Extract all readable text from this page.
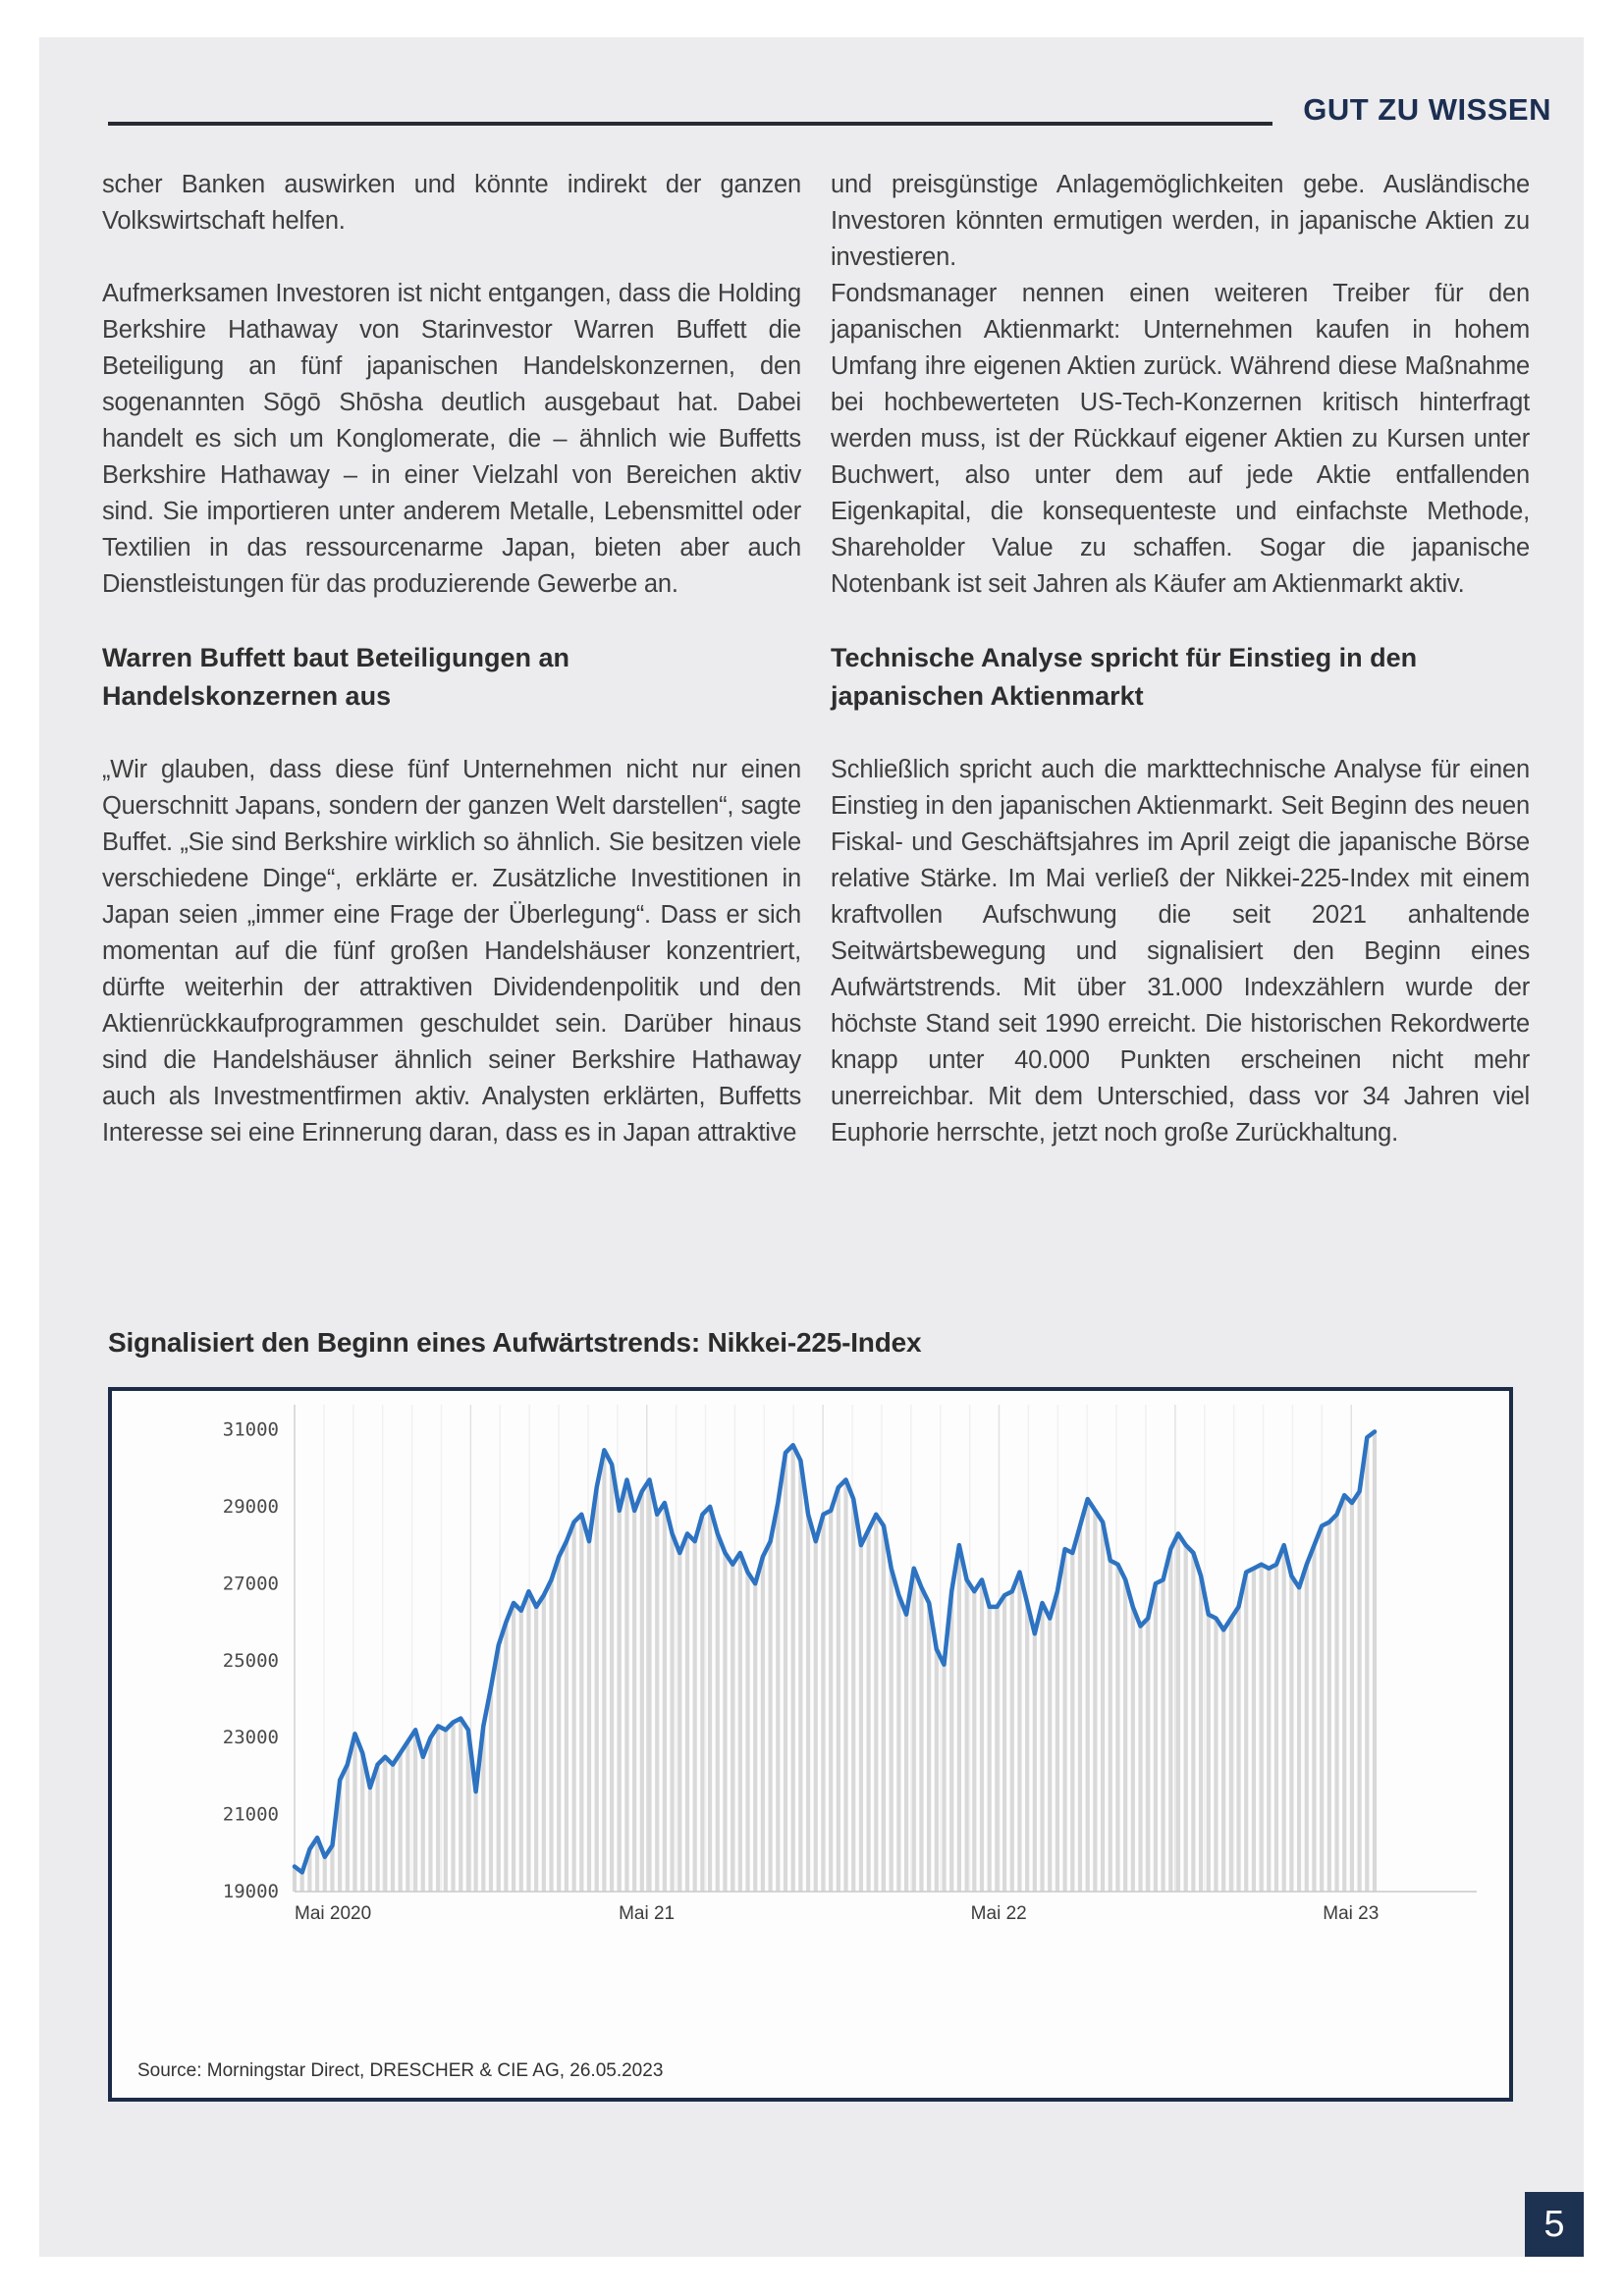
GUT ZU WISSEN
scher Banken auswirken und könnte indirekt der ganzen Volkswirtschaft helfen.
Aufmerksamen Investoren ist nicht entgangen, dass die Holding Berkshire Hathaway von Starinvestor Warren Buffett die Beteiligung an fünf japanischen Handelskonzernen, den sogenannten Sōgō Shōsha deutlich ausgebaut hat. Dabei handelt es sich um Konglomerate, die – ähnlich wie Buffetts Berkshire Hathaway – in einer Vielzahl von Bereichen aktiv sind. Sie importieren unter anderem Metalle, Lebensmittel oder Textilien in das ressourcenarme Japan, bieten aber auch Dienstleistungen für das produzierende Gewerbe an.
Warren Buffett baut Beteiligungen an Handelskonzernen aus
„Wir glauben, dass diese fünf Unternehmen nicht nur einen Querschnitt Japans, sondern der ganzen Welt darstellen“, sagte Buffet. „Sie sind Berkshire wirklich so ähnlich. Sie besitzen viele verschiedene Dinge“, erklärte er. Zusätzliche Investitionen in Japan seien „immer eine Frage der Überlegung“. Dass er sich momentan auf die fünf großen Handelshäuser konzentriert, dürfte weiterhin der attraktiven Dividendenpolitik und den Aktienrückkaufprogrammen geschuldet sein. Darüber hinaus sind die Handelshäuser ähnlich seiner Berkshire Hathaway auch als Investmentfirmen aktiv. Analysten erklärten, Buffetts Interesse sei eine Erinnerung daran, dass es in Japan attraktive
und preisgünstige Anlagemöglichkeiten gebe. Ausländische Investoren könnten ermutigen werden, in japanische Aktien zu investieren.
Fondsmanager nennen einen weiteren Treiber für den japanischen Aktienmarkt: Unternehmen kaufen in hohem Umfang ihre eigenen Aktien zurück. Während diese Maßnahme bei hochbewerteten US-Tech-Konzernen kritisch hinterfragt werden muss, ist der Rückkauf eigener Aktien zu Kursen unter Buchwert, also unter dem auf jede Aktie entfallenden Eigenkapital, die konsequenteste und einfachste Methode, Shareholder Value zu schaffen. Sogar die japanische Notenbank ist seit Jahren als Käufer am Aktienmarkt aktiv.
Technische Analyse spricht für Einstieg in den japanischen Aktienmarkt
Schließlich spricht auch die markttechnische Analyse für einen Einstieg in den japanischen Aktienmarkt. Seit Beginn des neuen Fiskal- und Geschäftsjahres im April zeigt die japanische Börse relative Stärke. Im Mai verließ der Nikkei-225-Index mit einem kraftvollen Aufschwung die seit 2021 anhaltende Seitwärtsbewegung und signalisiert den Beginn eines Aufwärtstrends. Mit über 31.000 Indexzählern wurde der höchste Stand seit 1990 erreicht. Die historischen Rekordwerte knapp unter 40.000 Punkten erscheinen nicht mehr unerreichbar. Mit dem Unterschied, dass vor 34 Jahren viel Euphorie herrschte, jetzt noch große Zurückhaltung.
Signalisiert den Beginn eines Aufwärtstrends: Nikkei-225-Index
31000
29000
27000
25000
23000
21000
19000
Mai 2020	Mai 21	Mai 22	Mai 23
Source: Morningstar Direct, DRESCHER & CIE AG, 26.05.2023
5
